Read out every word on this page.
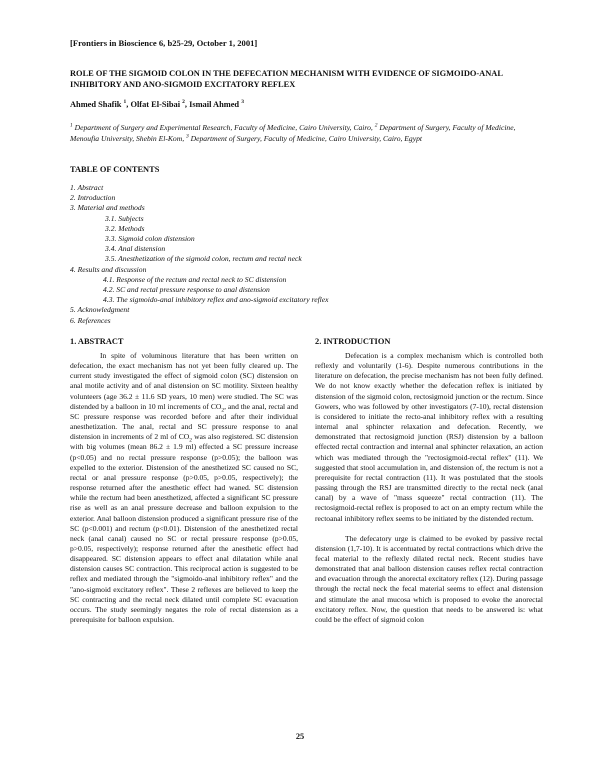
[Frontiers in Bioscience 6, b25-29, October 1, 2001]
ROLE OF THE SIGMOID COLON IN THE DEFECATION MECHANISM WITH EVIDENCE OF SIGMOIDO-ANAL INHIBITORY AND ANO-SIGMOID EXCITATORY REFLEX
Ahmed Shafik $^1$, Olfat El-Sibai $^2$, Ismail Ahmed $^3$
$^1$ Department of Surgery and Experimental Research, Faculty of Medicine, Cairo University, Cairo, $^2$ Department of Surgery, Faculty of Medicine, Menoufia University, Shebin El-Kom, $^3$ Department of Surgery, Faculty of Medicine, Cairo University, Cairo, Egypt
TABLE OF CONTENTS
1. Abstract
2. Introduction
3. Material and methods
3.1. Subjects
3.2. Methods
3.3. Sigmoid colon distension
3.4. Anal distension
3.5. Anesthetization of the sigmoid colon, rectum and rectal neck
4. Results and discussion
4.1. Response of the rectum and rectal neck to SC distension
4.2. SC and rectal pressure response to anal distension
4.3. The sigmoido-anal inhibitory reflex and ano-sigmoid excitatory reflex
5. Acknowledgment
6. References
1. ABSTRACT

In spite of voluminous literature that has been written on defecation, the exact mechanism has not yet been fully cleared up. The current study investigated the effect of sigmoid colon (SC) distension on anal motile activity and of anal distension on SC motility. Sixteen healthy volunteers (age 36.2 ± 11.6 SD years, 10 men) were studied. The SC was distended by a balloon in 10 ml increments of $CO_2$, and the anal, rectal and SC pressure response was recorded before and after their individual anesthetization. The anal, rectal and SC pressure response to anal distension in increments of 2 ml of $CO_2$ was also registered. SC distension with big volumes (mean 86.2 ± 1.9 ml) effected a SC pressure increase (p<0.05) and no rectal pressure response (p>0.05); the balloon was expelled to the exterior. Distension of the anesthetized SC caused no SC, rectal or anal pressure response (p>0.05, p>0.05, respectively); the response returned after the anesthetic effect had waned. SC distension while the rectum had been anesthetized, affected a significant SC pressure rise as well as an anal pressure decrease and balloon expulsion to the exterior. Anal balloon distension produced a significant pressure rise of the SC (p<0.001) and rectum (p<0.01). Distension of the anesthetized rectal neck (anal canal) caused no SC or rectal pressure response (p>0.05, p>0.05, respectively); response returned after the anesthetic effect had disappeared. SC distension appears to effect anal dilatation while anal distension causes SC contraction. This reciprocal action is suggested to be reflex and mediated through the "sigmoido-anal inhibitory reflex" and the "ano-sigmoid excitatory reflex". These 2 reflexes are believed to keep the SC contracting and the rectal neck dilated until complete SC evacuation occurs. The study seemingly negates the role of rectal distension as a prerequisite for balloon expulsion.

2. INTRODUCTION

Defecation is a complex mechanism which is controlled both reflexly and voluntarily (1-6). Despite numerous contributions in the literature on defecation, the precise mechanism has not been fully defined. We do not know exactly whether the defecation reflex is initiated by distension of the sigmoid colon, rectosigmoid junction or the rectum. Since Gowers, who was followed by other investigators (7-10), rectal distension is considered to initiate the recto-anal inhibitory reflex with a resulting internal anal sphincter relaxation and defecation. Recently, we demonstrated that rectosigmoid junction (RSJ) distension by a balloon effected rectal contraction and internal anal sphincter relaxation, an action which was mediated through the "rectosigmoid-rectal reflex" (11). We suggested that stool accumulation in, and distension of, the rectum is not a prerequisite for rectal contraction (11). It was postulated that the stools passing through the RSJ are transmitted directly to the rectal neck (anal canal) by a wave of "mass squeeze" rectal contraction (11). The rectosigmoid-rectal reflex is proposed to act on an empty rectum while the rectoanal inhibitory reflex seems to be initiated by the distended rectum.

The defecatory urge is claimed to be evoked by passive rectal distension (1,7-10). It is accentuated by rectal contractions which drive the fecal material to the reflexly dilated rectal neck. Recent studies have demonstrated that anal balloon distension causes reflex rectal contraction and evacuation through the anorectal excitatory reflex (12). During passage through the rectal neck the fecal material seems to effect anal distension and stimulate the anal mucosa which is proposed to evoke the anorectal excitatory reflex. Now, the question that needs to be answered is: what could be the effect of sigmoid colon

25
